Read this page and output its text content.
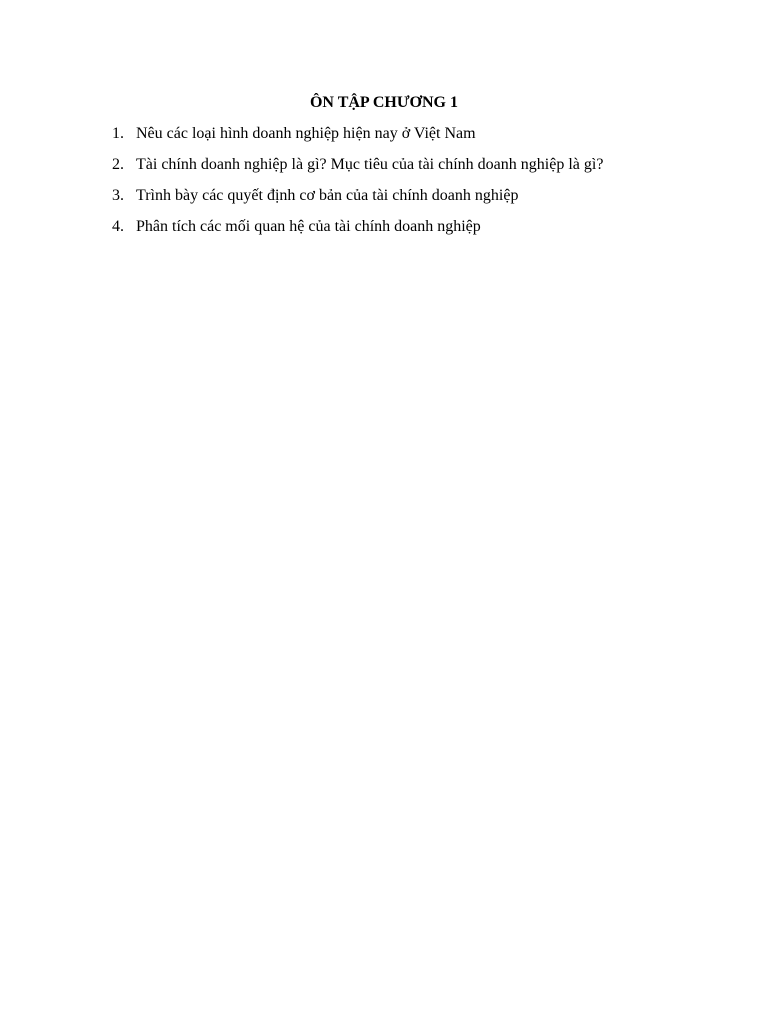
ÔN TẬP CHƯƠNG 1
1. Nêu các loại hình doanh nghiệp hiện nay ở Việt Nam
2. Tài chính doanh nghiệp là gì? Mục tiêu của tài chính doanh nghiệp là gì?
3. Trình bày các quyết định cơ bản của tài chính doanh nghiệp
4. Phân tích các mối quan hệ của tài chính doanh nghiệp
